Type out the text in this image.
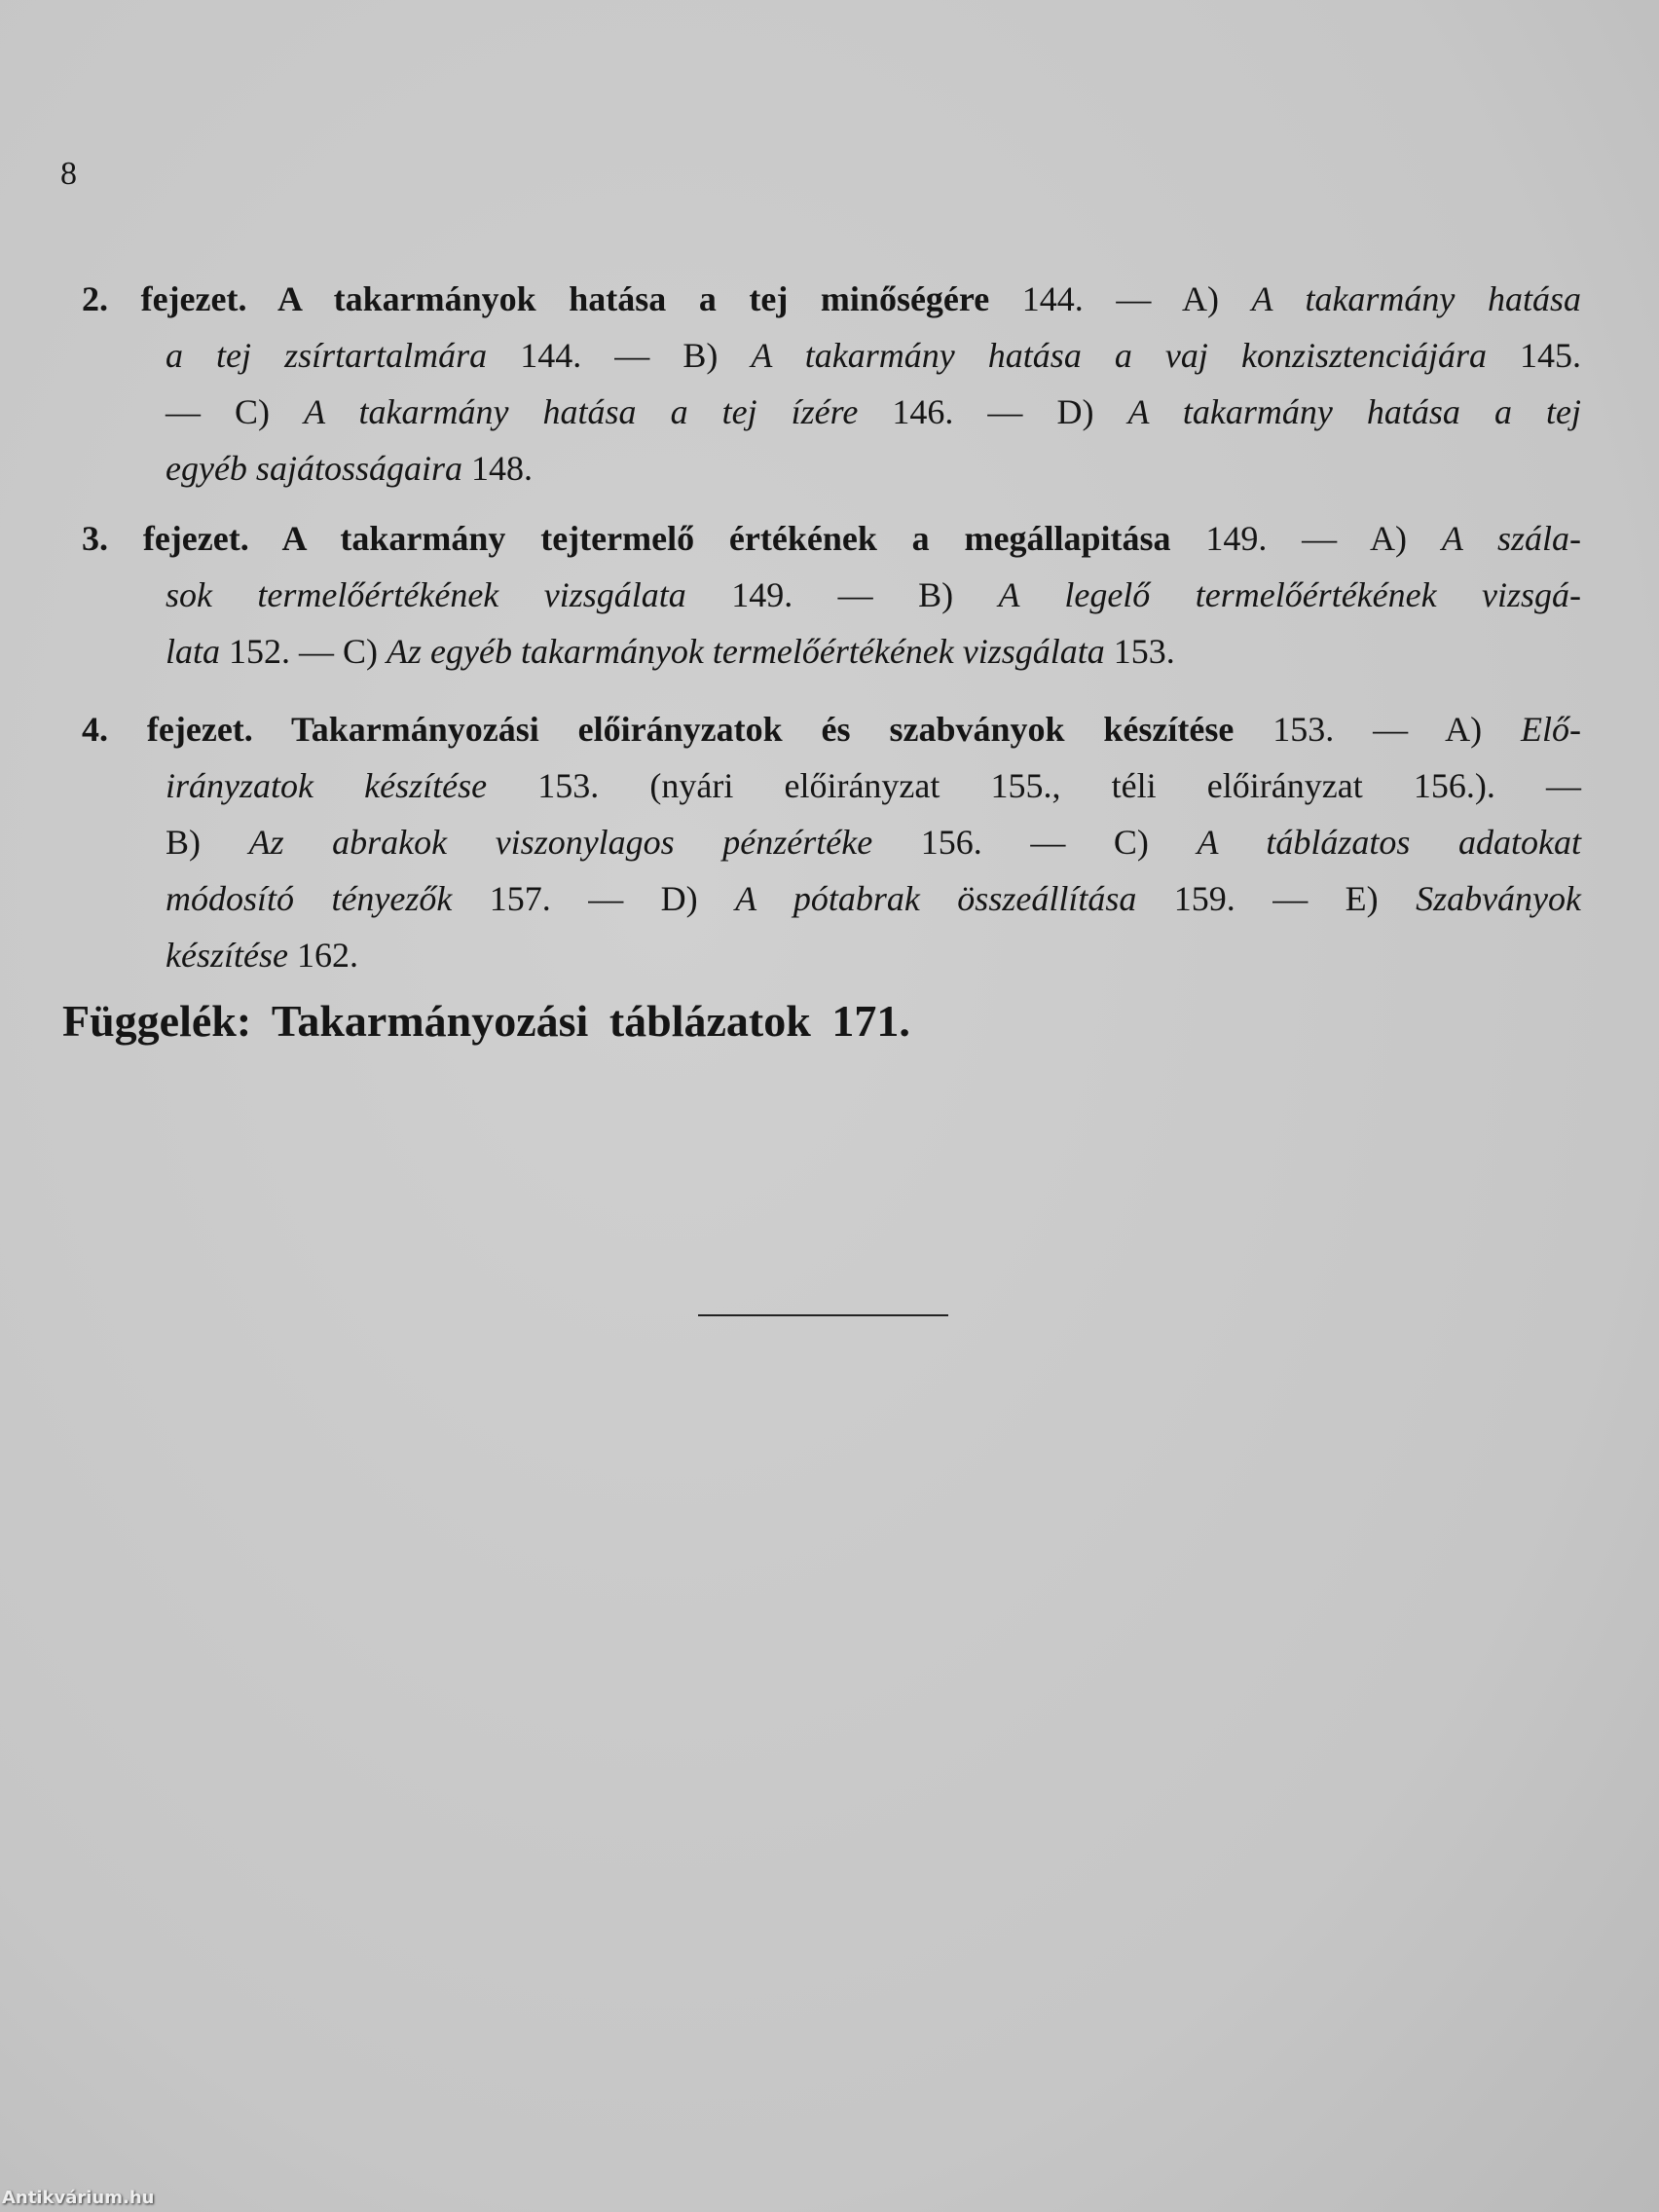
8
2. fejezet. A takarmányok hatása a tej minőségére 144. — A) A takarmány hatása
a tej zsírtartalmára 144. — B) A takarmány hatása a vaj konzisztenciájára 145.
— C) A takarmány hatása a tej ízére 146. — D) A takarmány hatása a tej
egyéb sajátosságaira 148.
3. fejezet. A takarmány tejtermelő értékének a megállapitása 149. — A) A szála-
sok termelőértékének vizsgálata 149. — B) A legelő termelőértékének vizsgá-
lata 152. — C) Az egyéb takarmányok termelőértékének vizsgálata 153.
4. fejezet. Takarmányozási előirányzatok és szabványok készítése 153. — A) Elő-
irányzatok készítése 153. (nyári előirányzat 155., téli előirányzat 156.). —
B) Az abrakok viszonylagos pénzértéke 156. — C) A táblázatos adatokat
módosító tényezők 157. — D) A pótabrak összeállítása 159. — E) Szabványok
készítése 162.
Függelék: Takarmányozási táblázatok 171.
Antikvárium.hu
